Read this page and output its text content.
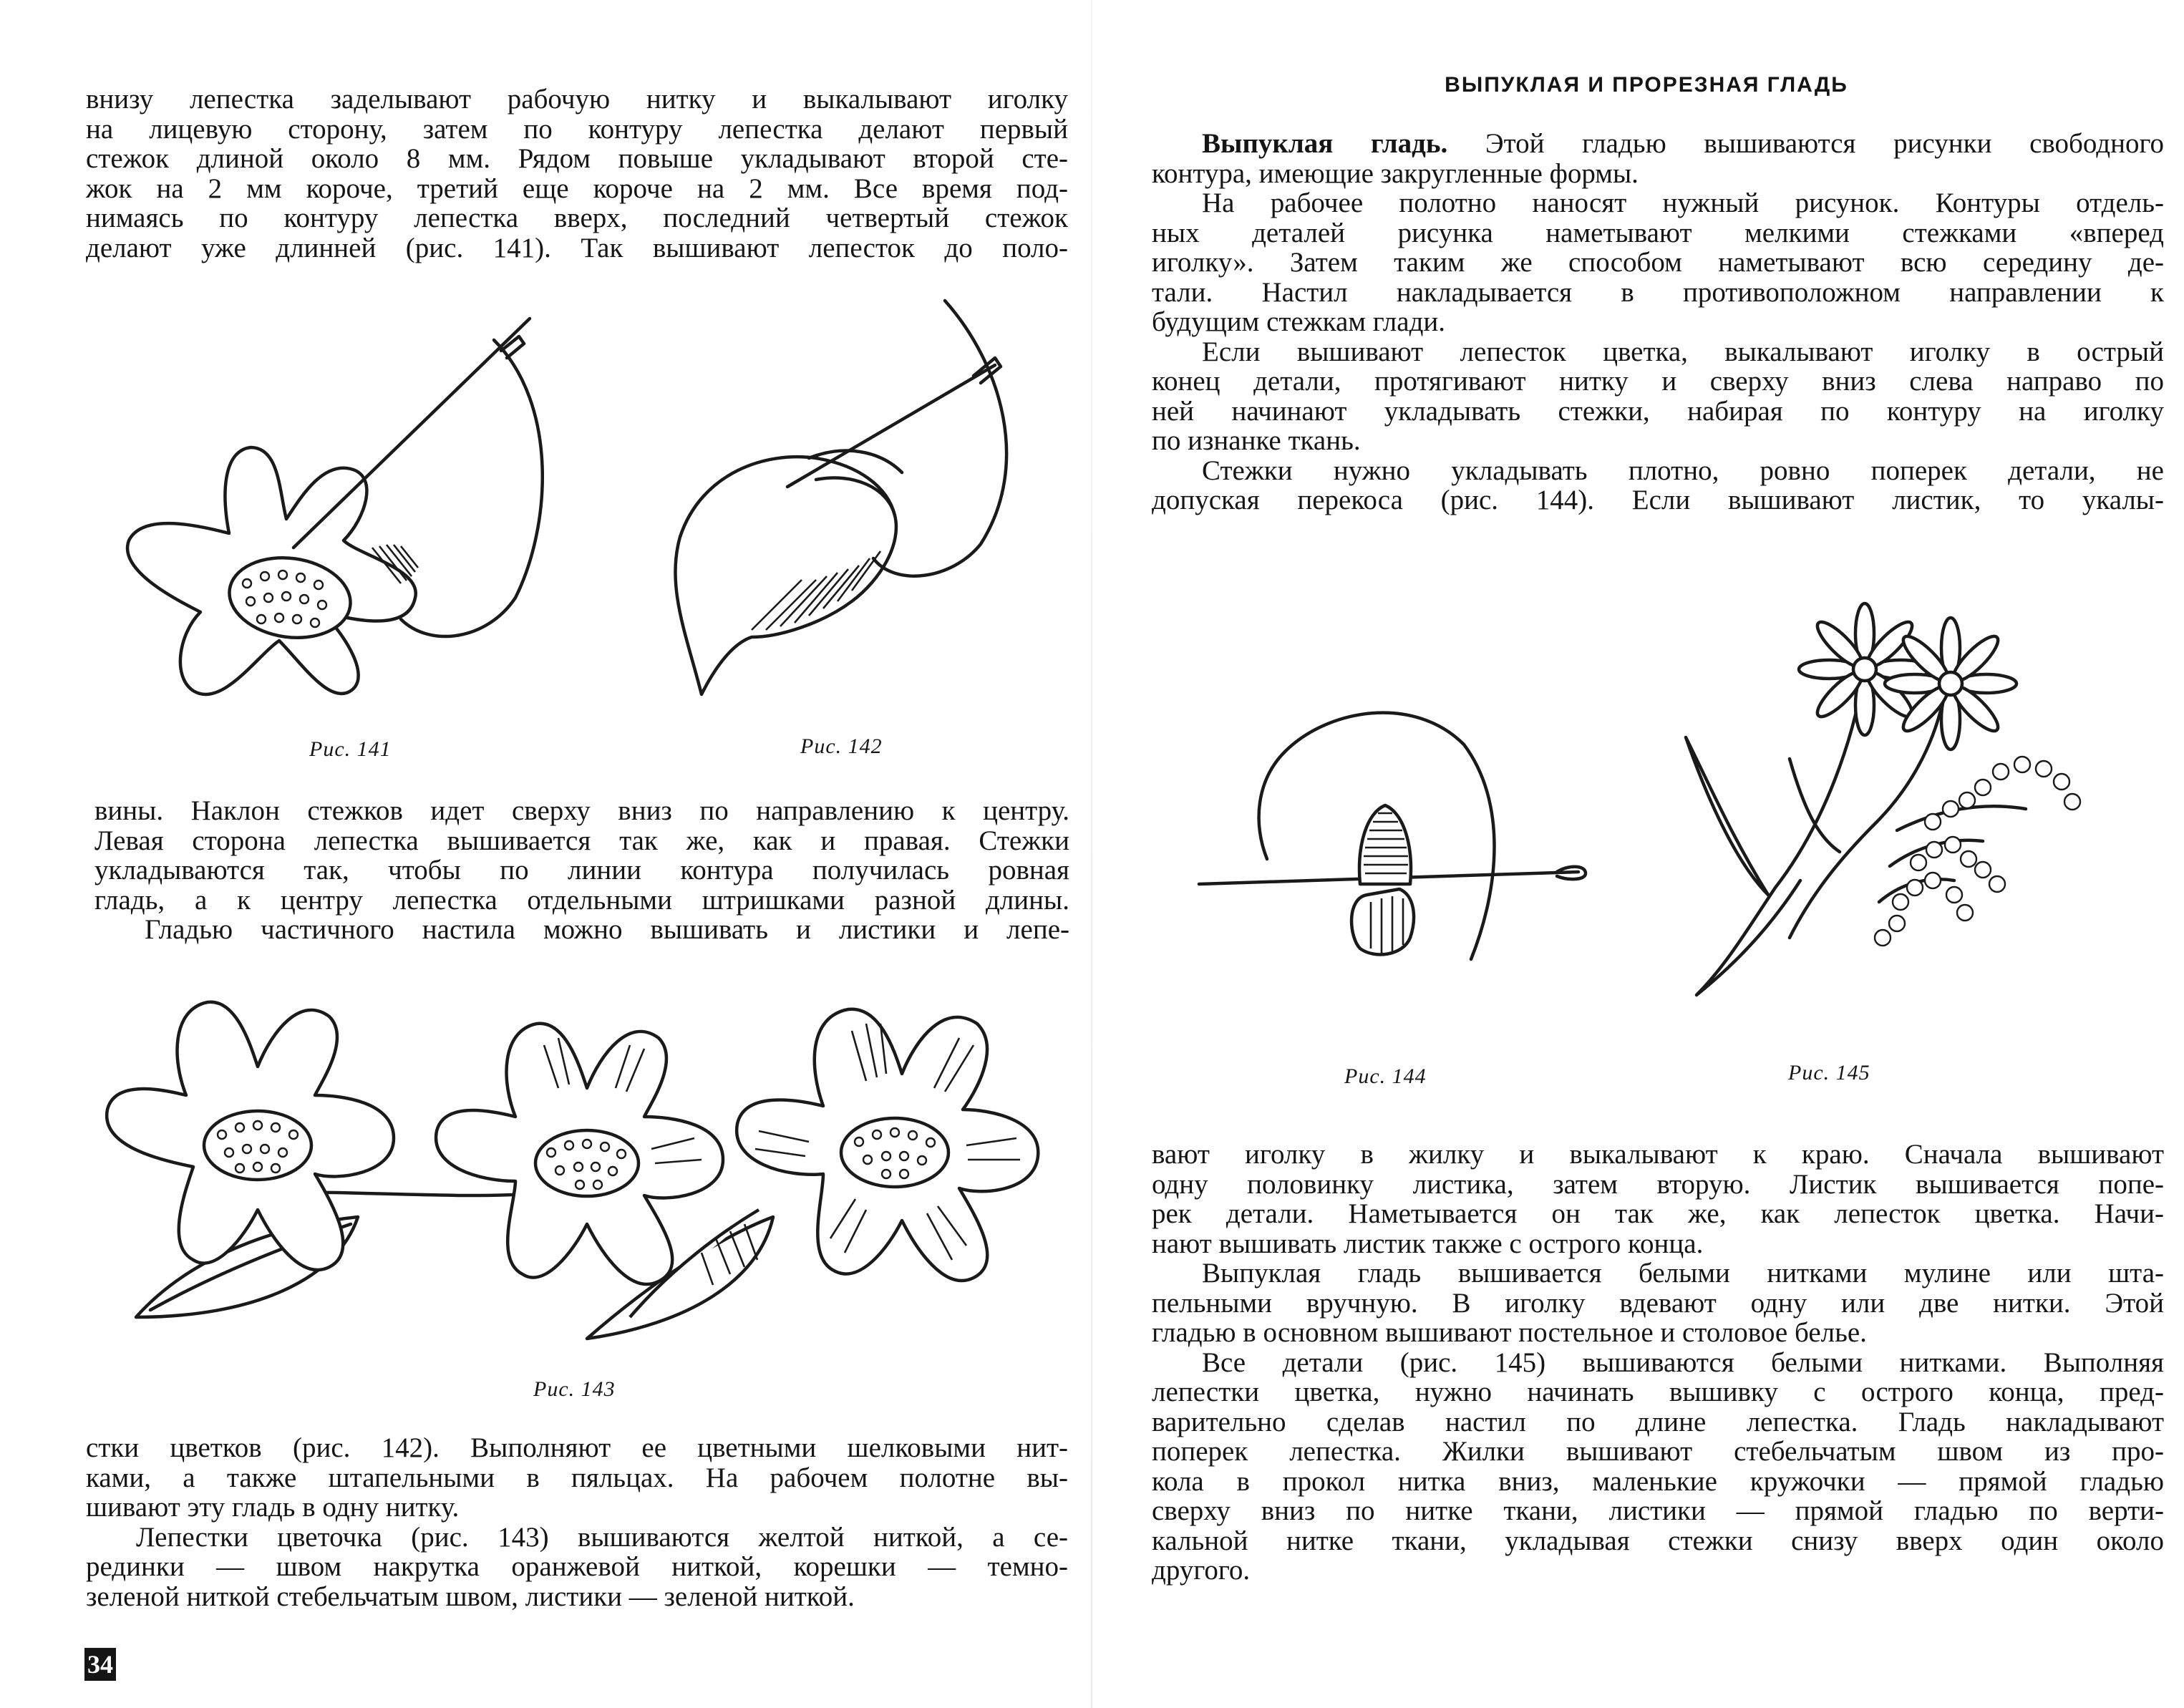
внизу лепестка заделывают рабочую нитку и выкалывают иголку

на лицевую сторону, затем по контуру лепестка делают первый

стежок длиной около 8 мм. Рядом повыше укладывают второй сте-

жок на 2 мм короче, третий еще короче на 2 мм. Все время под-

нимаясь по контуру лепестка вверх, последний четвертый стежок

делают уже длинней (рис. 141). Так вышивают лепесток до поло-

Рис. 141	Рис. 142

вины. Наклон стежков идет сверху вниз по направлению к центру.

Левая сторона лепестка вышивается так же, как и правая. Стежки

укладываются так, чтобы по линии контура получилась ровная

гладь, а к центру лепестка отдельными штришками разной длины.

Гладью частичного настила можно вышивать и листики и лепе-

Рис. 143

стки цветков (рис. 142). Выполняют ее цветными шелковыми нит-

ками, а также штапельными в пяльцах. На рабочем полотне вы-

шивают эту гладь в одну нитку.

Лепестки цветочка (рис. 143) вышиваются желтой ниткой, а се-

рединки — швом накрутка оранжевой ниткой, корешки — темно-

зеленой ниткой стебельчатым швом, листики — зеленой ниткой.

34
ВЫПУКЛАЯ И ПРОРЕЗНАЯ ГЛАДЬ

Выпуклая гладь. Этой гладью вышиваются рисунки свободного

контура, имеющие закругленные формы.

На рабочее полотно наносят нужный рисунок. Контуры отдель-

ных деталей рисунка наметывают мелкими стежками «вперед

иголку». Затем таким же способом наметывают всю середину де-

тали. Настил накладывается в противоположном направлении к

будущим стежкам глади.

Если вышивают лепесток цветка, выкалывают иголку в острый

конец детали, протягивают нитку и сверху вниз слева направо по

ней начинают укладывать стежки, набирая по контуру на иголку

по изнанке ткань.

Стежки нужно укладывать плотно, ровно поперек детали, не

допуская перекоса (рис. 144). Если вышивают листик, то укалы-

Рис. 144	Рис. 145

вают иголку в жилку и выкалывают к краю. Сначала вышивают

одну половинку листика, затем вторую. Листик вышивается попе-

рек детали. Наметывается он так же, как лепесток цветка. Начи-

нают вышивать листик также с острого конца.

Выпуклая гладь вышивается белыми нитками мулине или шта-

пельными вручную. В иголку вдевают одну или две нитки. Этой

гладью в основном вышивают постельное и столовое белье.

Все детали (рис. 145) вышиваются белыми нитками. Выполняя

лепестки цветка, нужно начинать вышивку с острого конца, пред-

варительно сделав настил по длине лепестка. Гладь накладывают

поперек лепестка. Жилки вышивают стебельчатым швом из про-

кола в прокол нитка вниз, маленькие кружочки — прямой гладью

сверху вниз по нитке ткани, листики — прямой гладью по верти-

кальной нитке ткани, укладывая стежки снизу вверх один около

другого.
